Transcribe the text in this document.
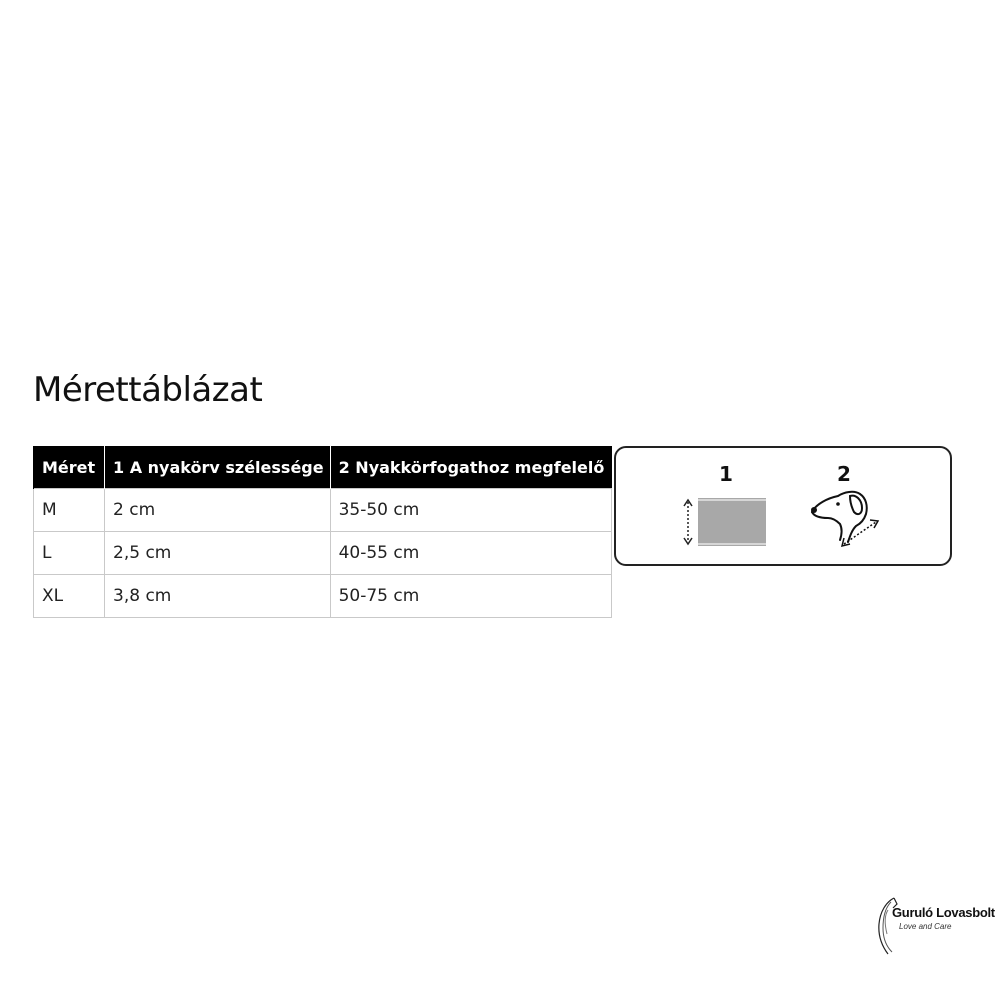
Mérettáblázat
Méret	1 A nyakörv szélessége	2 Nyakkörfogathoz megfelelő
M	2 cm	35-50 cm
L	2,5 cm	40-55 cm
XL	3,8 cm	50-75 cm
1	2
Guruló Lovasbolt
Love and Care
